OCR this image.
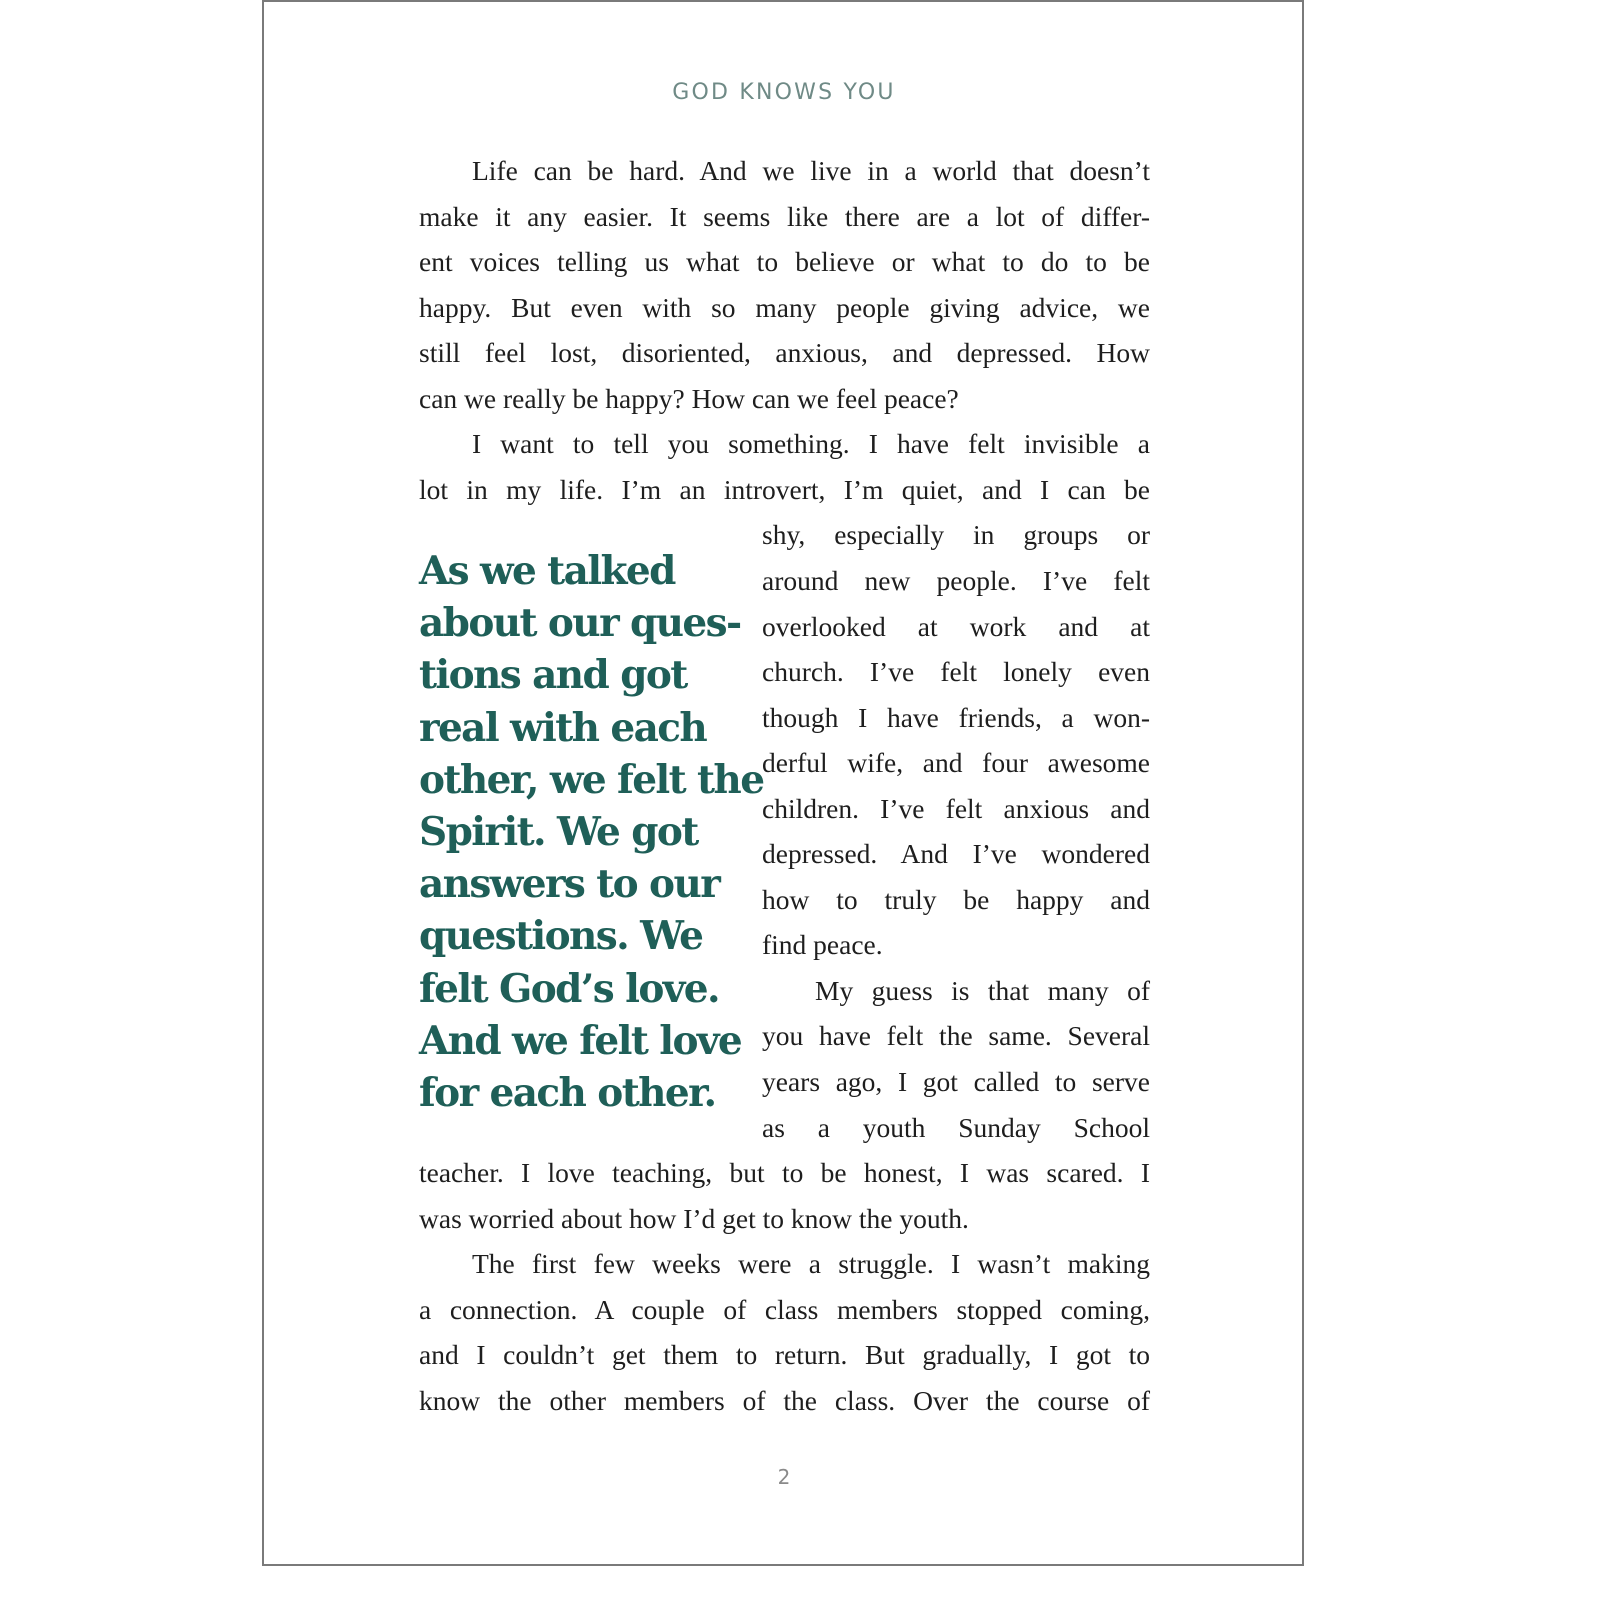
GOD KNOWS YOU
Life can be hard. And we live in a world that doesn’t
make it any easier. It seems like there are a lot of differ-
ent voices telling us what to believe or what to do to be
happy. But even with so many people giving advice, we
still feel lost, disoriented, anxious, and depressed. How
can we really be happy? How can we feel peace?
I want to tell you something. I have felt invisible a
lot in my life. I’m an introvert, I’m quiet, and I can be
shy, especially in groups or
around new people. I’ve felt
overlooked at work and at
church. I’ve felt lonely even
though I have friends, a won-
derful wife, and four awesome
children. I’ve felt anxious and
depressed. And I’ve wondered
how to truly be happy and
find peace.
My guess is that many of
you have felt the same. Several
years ago, I got called to serve
as a youth Sunday School
teacher. I love teaching, but to be honest, I was scared. I
was worried about how I’d get to know the youth.
The first few weeks were a struggle. I wasn’t making
a connection. A couple of class members stopped coming,
and I couldn’t get them to return. But gradually, I got to
know the other members of the class. Over the course of
As we talked
about our ques-
tions and got
real with each
other, we felt the
Spirit. We got
answers to our
questions. We
felt God’s love.
And we felt love
for each other.
2
